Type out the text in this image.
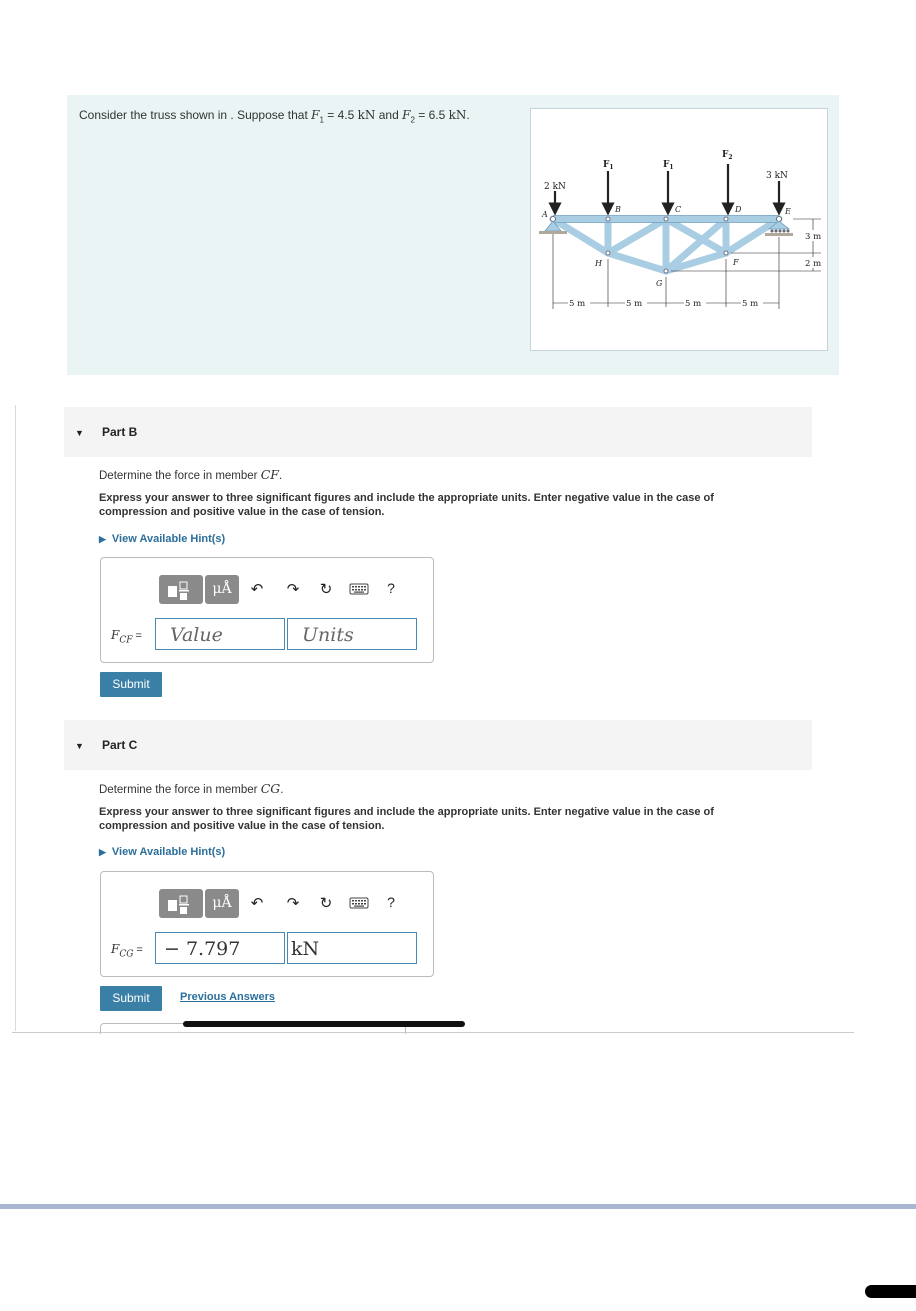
Consider the truss shown in . Suppose that $F_1 = 4.5$ kN and $F_2 = 6.5$ kN.
2 kN
$F_1$	$F_1$
$F_2$
3 kN
A
B	C	D	E
H
G
F
5 m	5 m	5 m	5 m
3 m
2 m
▼ Part B
Determine the force in member CF.
Express your answer to three significant figures and include the appropriate units. Enter negative value in the case of compression and positive value in the case of tension.
▶ View Available Hint(s)
μÅ	↶ ↷ ↻	?
$F_{CF}$ =	Value	Units
Submit
▼ Part C
Determine the force in member CG.
Express your answer to three significant figures and include the appropriate units. Enter negative value in the case of compression and positive value in the case of tension.
▶ View Available Hint(s)
μÅ	↶ ↷ ↻	?
$F_{CG}$ =	− 7.797	kN
Submit	Previous Answers
